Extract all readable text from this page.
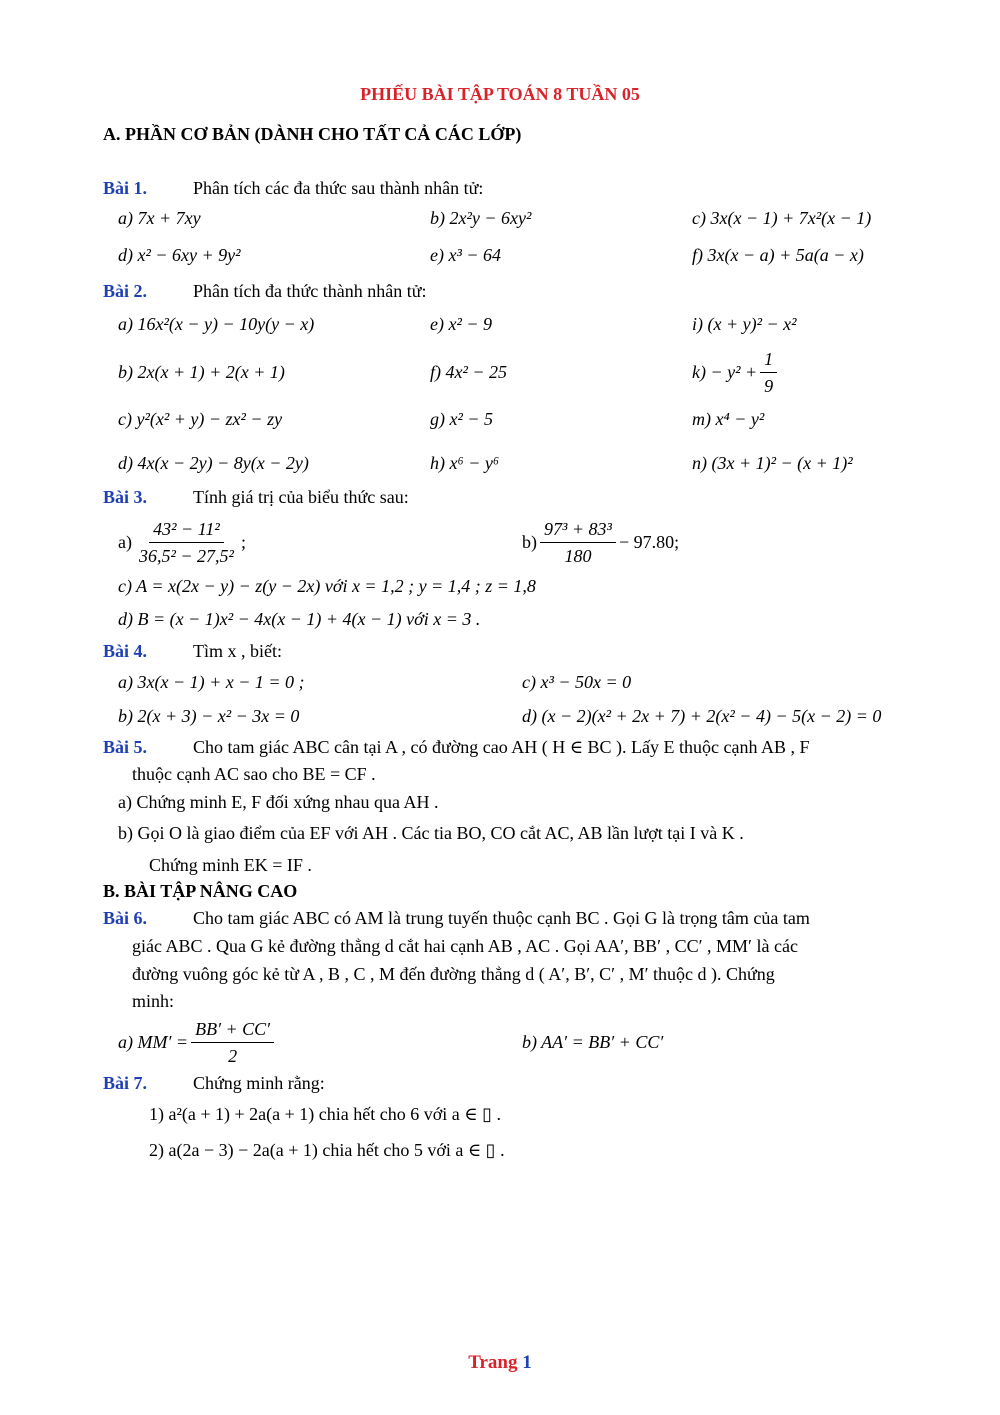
PHIẾU BÀI TẬP TOÁN 8 TUẦN 05
A. PHẦN CƠ BẢN (DÀNH CHO TẤT CẢ CÁC LỚP)
Bài 1.	Phân tích các đa thức sau thành nhân tử:
a) 7x + 7xy	b) 2x²y − 6xy²	c) 3x(x − 1) + 7x²(x − 1)
d) x² − 6xy + 9y²	e) x³ − 64	f) 3x(x − a) + 5a(a − x)
Bài 2.	Phân tích đa thức thành nhân tử:
a) 16x²(x − y) − 10y(y − x)	e) x² − 9	i) (x + y)² − x²
b) 2x(x + 1) + 2(x + 1)	f) 4x² − 25	$k) - y^2 + \frac{1}{9}$
c) y²(x² + y) − zx² − zy	g) x² − 5	m) x⁴ − y²
d) 4x(x − 2y) − 8y(x − 2y)	h) x⁶ − y⁶	n) (3x + 1)² − (x + 1)²
Bài 3.	Tính giá trị của biểu thức sau:
$a) \frac{\text{43² − 11²}}{\text{36,5² − 27,5²}}$ ;	$b) \frac{\text{97³ + 83³}}{180} - 97.80$;
c) A = x(2x − y) − z(y − 2x) với x = 1,2 ; y = 1,4 ; z = 1,8
d) B = (x − 1)x² − 4x(x − 1) + 4(x − 1) với x = 3 .
Bài 4.	Tìm x , biết:
a) 3x(x − 1) + x − 1 = 0 ;	c) x³ − 50x = 0
b) 2(x + 3) − x² − 3x = 0	d) (x − 2)(x² + 2x + 7) + 2(x² − 4) − 5(x − 2) = 0
Bài 5.	Cho tam giác ABC cân tại A , có đường cao AH ( H ∈ BC ). Lấy E thuộc cạnh AB , F
thuộc cạnh AC sao cho BE = CF .
a) Chứng minh E, F đối xứng nhau qua AH .
b) Gọi O là giao điểm của EF với AH . Các tia BO, CO cắt AC, AB lần lượt tại I và K .
Chứng minh EK = IF .
B. BÀI TẬP NÂNG CAO
Bài 6.	Cho tam giác ABC có AM là trung tuyến thuộc cạnh BC . Gọi G là trọng tâm của tam
giác ABC . Qua G kẻ đường thẳng d cắt hai cạnh AB , AC . Gọi AA′, BB′ , CC′ , MM′ là các
đường vuông góc kẻ từ A , B , C , M đến đường thẳng d ( A′, B′, C′ , M′ thuộc d ). Chứng
minh:
a) $MM' = \frac{BB' + CC'}{2}$	b) AA′ = BB′ + CC′
Bài 7.	Chứng minh rằng:
1) a²(a + 1) + 2a(a + 1) chia hết cho 6 với a ∈ ▯ .
2) a(2a − 3) − 2a(a + 1) chia hết cho 5 với a ∈ ▯ .
Trang 1
